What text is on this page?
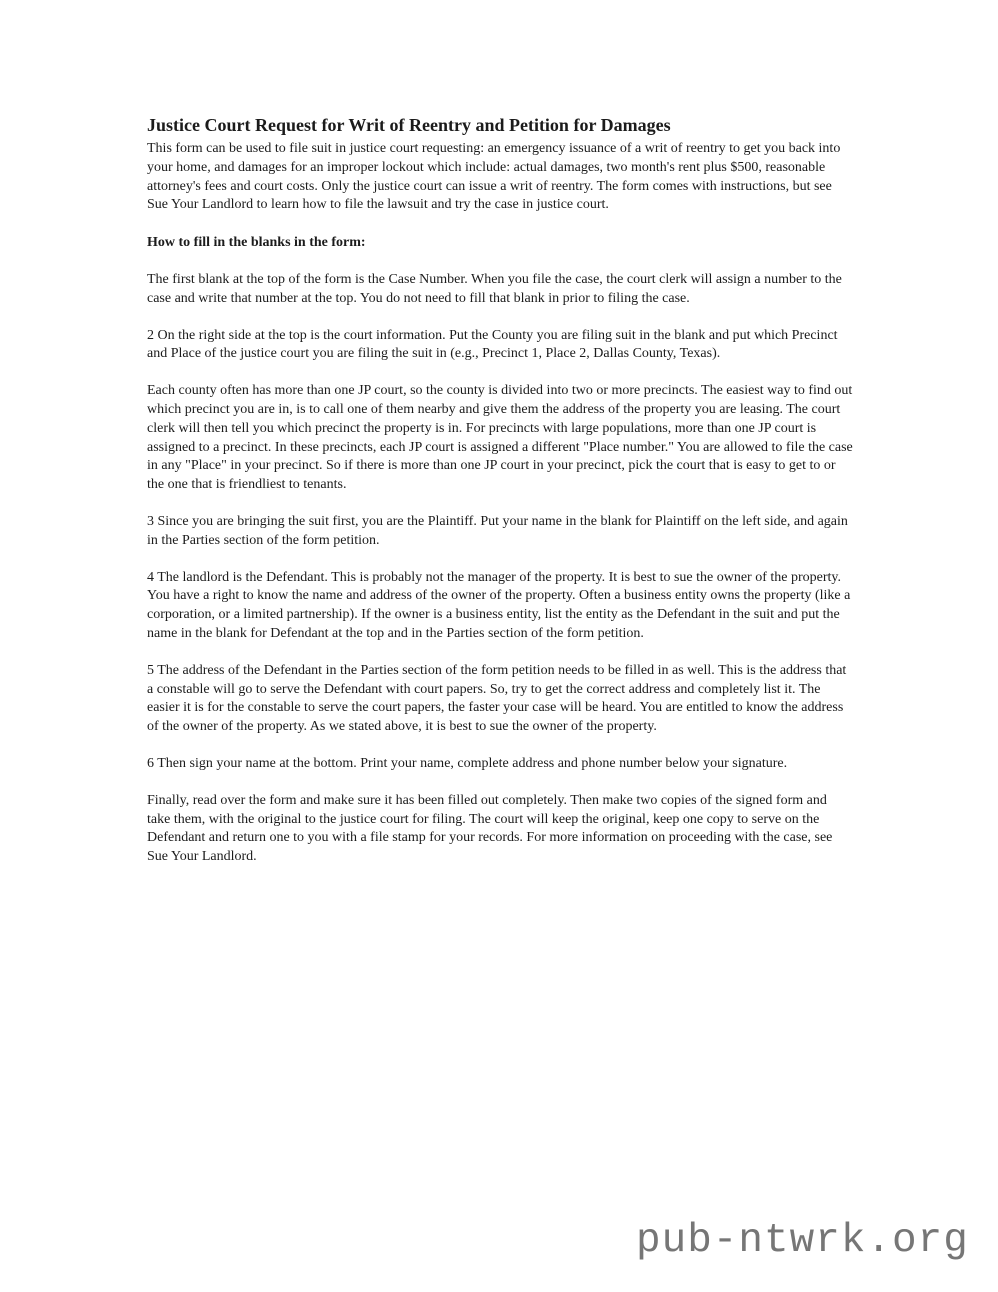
Justice Court Request for Writ of Reentry and Petition for Damages

This form can be used to file suit in justice court requesting: an emergency issuance of a writ of reentry to get you back into your home, and damages for an improper lockout which include: actual damages, two month's rent plus $500, reasonable attorney's fees and court costs. Only the justice court can issue a writ of reentry. The form comes with instructions, but see Sue Your Landlord to learn how to file the lawsuit and try the case in justice court.

How to fill in the blanks in the form:

The first blank at the top of the form is the Case Number. When you file the case, the court clerk will assign a number to the case and write that number at the top. You do not need to fill that blank in prior to filing the case.

2 On the right side at the top is the court information. Put the County you are filing suit in the blank and put which Precinct and Place of the justice court you are filing the suit in (e.g., Precinct 1, Place 2, Dallas County, Texas).

Each county often has more than one JP court, so the county is divided into two or more precincts. The easiest way to find out which precinct you are in, is to call one of them nearby and give them the address of the property you are leasing. The court clerk will then tell you which precinct the property is in. For precincts with large populations, more than one JP court is assigned to a precinct. In these precincts, each JP court is assigned a different "Place number." You are allowed to file the case in any "Place" in your precinct. So if there is more than one JP court in your precinct, pick the court that is easy to get to or the one that is friendliest to tenants.

3 Since you are bringing the suit first, you are the Plaintiff. Put your name in the blank for Plaintiff on the left side, and again in the Parties section of the form petition.

4 The landlord is the Defendant. This is probably not the manager of the property. It is best to sue the owner of the property. You have a right to know the name and address of the owner of the property. Often a business entity owns the property (like a corporation, or a limited partnership). If the owner is a business entity, list the entity as the Defendant in the suit and put the name in the blank for Defendant at the top and in the Parties section of the form petition.

5 The address of the Defendant in the Parties section of the form petition needs to be filled in as well. This is the address that a constable will go to serve the Defendant with court papers. So, try to get the correct address and completely list it. The easier it is for the constable to serve the court papers, the faster your case will be heard. You are entitled to know the address of the owner of the property. As we stated above, it is best to sue the owner of the property.

6 Then sign your name at the bottom. Print your name, complete address and phone number below your signature.

Finally, read over the form and make sure it has been filled out completely. Then make two copies of the signed form and take them, with the original to the justice court for filing. The court will keep the original, keep one copy to serve on the Defendant and return one to you with a file stamp for your records. For more information on proceeding with the case, see Sue Your Landlord.

pub-ntwrk.org
